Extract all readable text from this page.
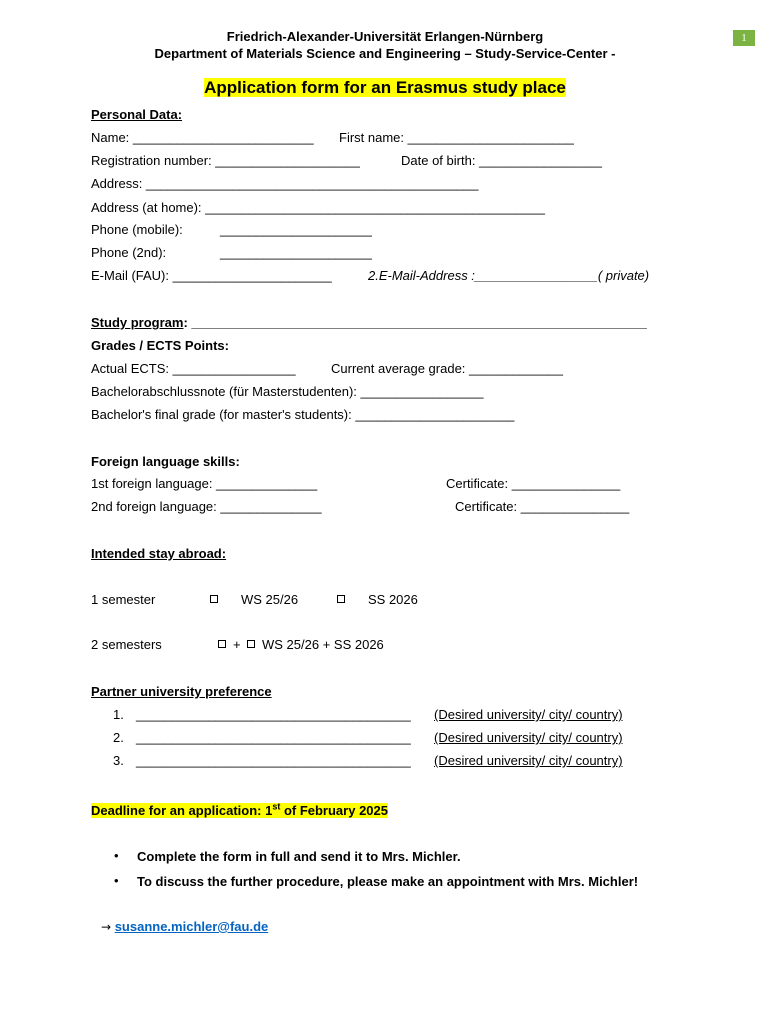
Friedrich-Alexander-Universität Erlangen-Nürnberg
Department of Materials Science and Engineering – Study-Service-Center -
1
Application form for an Erasmus study place
Personal Data:
Name: _________________________ First name: _______________________
Registration number: ____________________	Date of birth: _________________
Address: ______________________________________________
Address (at home): _______________________________________________
Phone (mobile):	_____________________
Phone (2nd):	_____________________
E-Mail (FAU): ______________________	2.E-Mail-Address :_________________( private)
Study program: _______________________________________________________________
Grades / ECTS Points:
Actual ECTS: _________________	Current average grade: _____________
Bachelorabschlussnote (für Masterstudenten): _________________
Bachelor's final grade (for master's students): ______________________
Foreign language skills:
1st foreign language: ______________	Certificate: _______________
2nd foreign language: ______________	Certificate: _______________
Intended stay abroad:
1 semester	WS 25/26	SS 2026
2 semesters	+ WS 25/26 + SS 2026
Partner university preference
1. ______________________________________ (Desired university/ city/ country)
2. ______________________________________ (Desired university/ city/ country)
3. ______________________________________ (Desired university/ city/ country)
Deadline for an application: 1st of February 2025
• Complete the form in full and send it to Mrs. Michler.
• To discuss the further procedure, please make an appointment with Mrs. Michler!
→ susanne.michler@fau.de
